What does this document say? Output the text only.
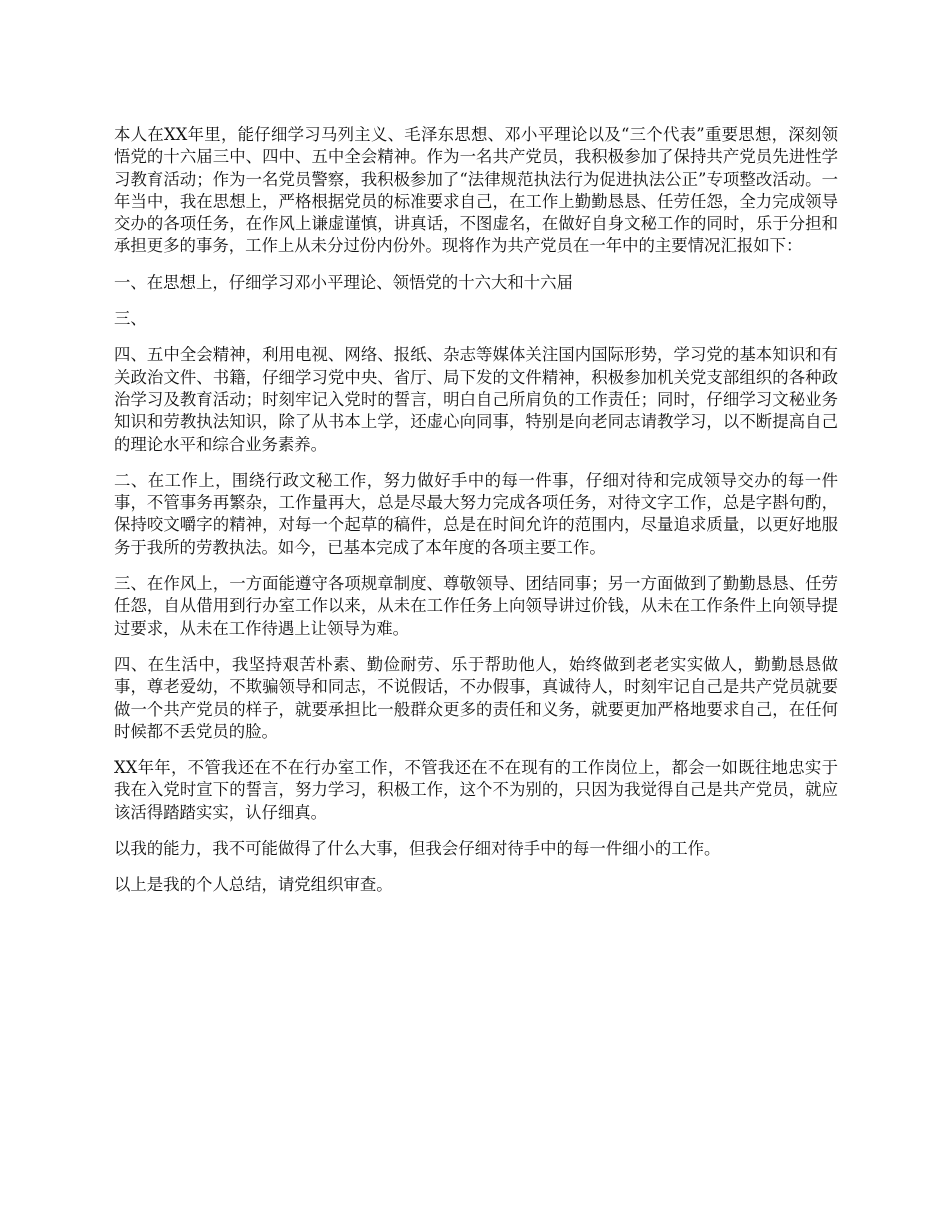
本人在XX年里，能仔细学习马列主义、毛泽东思想、邓小平理论以及“三个代表”重要思想，深刻领悟党的十六届三中、四中、五中全会精神。作为一名共产党员，我积极参加了保持共产党员先进性学习教育活动；作为一名党员警察，我积极参加了“法律规范执法行为促进执法公正”专项整改活动。一年当中，我在思想上，严格根据党员的标准要求自己，在工作上勤勤恳恳、任劳任怨，全力完成领导交办的各项任务，在作风上谦虚谨慎，讲真话，不图虚名，在做好自身文秘工作的同时，乐于分担和承担更多的事务，工作上从未分过份内份外。现将作为共产党员在一年中的主要情况汇报如下：

一、在思想上，仔细学习邓小平理论、领悟党的十六大和十六届

三、

四、五中全会精神，利用电视、网络、报纸、杂志等媒体关注国内国际形势，学习党的基本知识和有关政治文件、书籍，仔细学习党中央、省厅、局下发的文件精神，积极参加机关党支部组织的各种政治学习及教育活动；时刻牢记入党时的誓言，明白自己所肩负的工作责任；同时，仔细学习文秘业务知识和劳教执法知识，除了从书本上学，还虚心向同事，特别是向老同志请教学习，以不断提高自己的理论水平和综合业务素养。

二、在工作上，围绕行政文秘工作，努力做好手中的每一件事，仔细对待和完成领导交办的每一件事，不管事务再繁杂，工作量再大，总是尽最大努力完成各项任务，对待文字工作，总是字斟句酌，保持咬文嚼字的精神，对每一个起草的稿件，总是在时间允许的范围内，尽量追求质量，以更好地服务于我所的劳教执法。如今，已基本完成了本年度的各项主要工作。

三、在作风上，一方面能遵守各项规章制度、尊敬领导、团结同事；另一方面做到了勤勤恳恳、任劳任怨，自从借用到行办室工作以来，从未在工作任务上向领导讲过价钱，从未在工作条件上向领导提过要求，从未在工作待遇上让领导为难。

四、在生活中，我坚持艰苦朴素、勤俭耐劳、乐于帮助他人，始终做到老老实实做人，勤勤恳恳做事，尊老爱幼，不欺骗领导和同志，不说假话，不办假事，真诚待人，时刻牢记自己是共产党员就要做一个共产党员的样子，就要承担比一般群众更多的责任和义务，就要更加严格地要求自己，在任何时候都不丢党员的脸。

XX年年，不管我还在不在行办室工作，不管我还在不在现有的工作岗位上，都会一如既往地忠实于我在入党时宣下的誓言，努力学习，积极工作，这个不为别的，只因为我觉得自己是共产党员，就应该活得踏踏实实，认仔细真。

以我的能力，我不可能做得了什么大事，但我会仔细对待手中的每一件细小的工作。

以上是我的个人总结，请党组织审查。
